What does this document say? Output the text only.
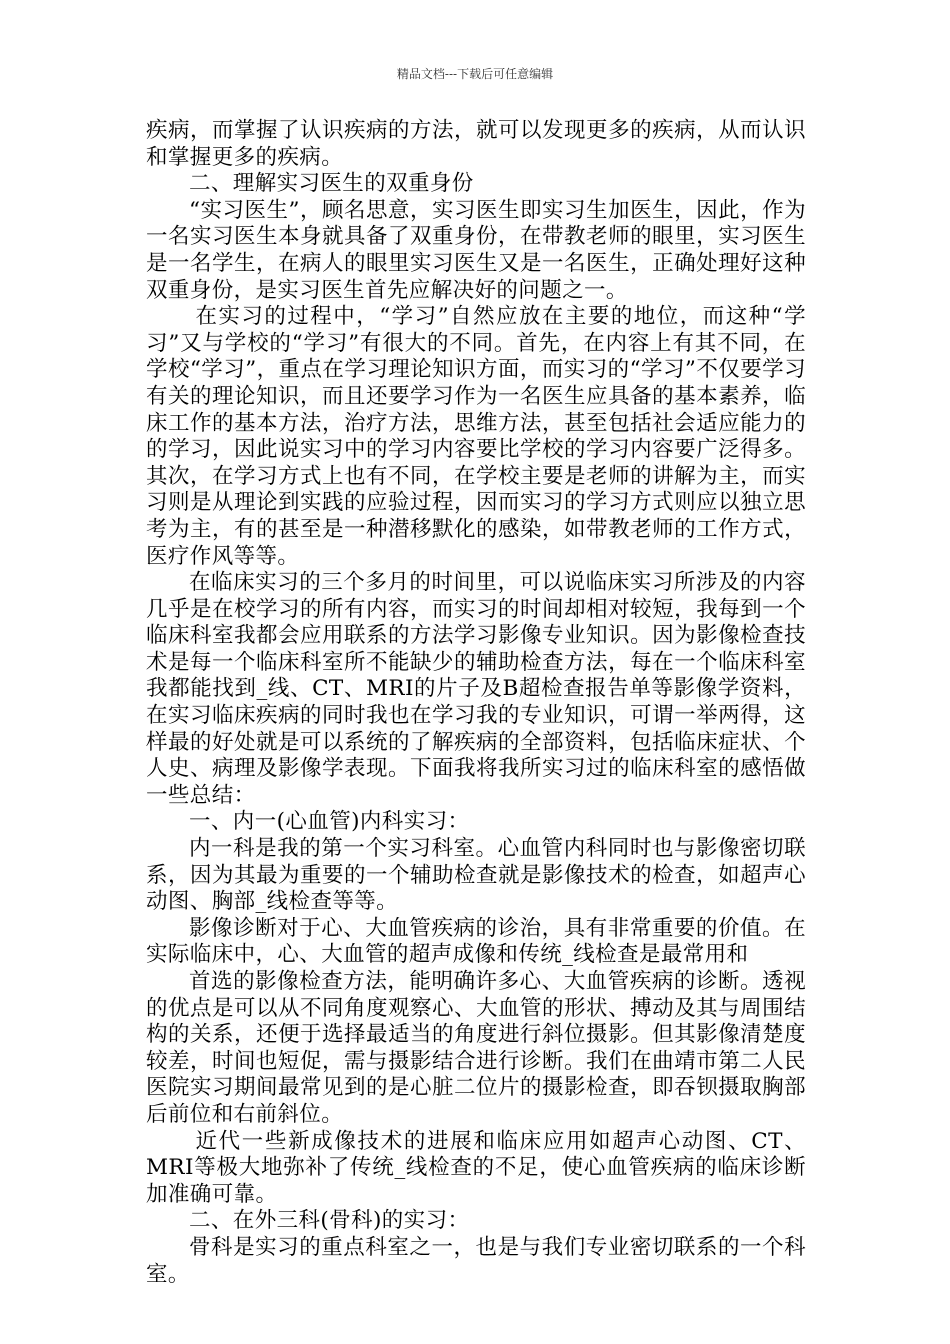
精品文档---下载后可任意编辑

疾病，而掌握了认识疾病的方法，就可以发现更多的疾病，从而认识和掌握更多的疾病。

二、理解实习医生的双重身份

“实习医生”，顾名思意，实习医生即实习生加医生，因此，作为一名实习医生本身就具备了双重身份，在带教老师的眼里，实习医生是一名学生，在病人的眼里实习医生又是一名医生，正确处理好这种双重身份，是实习医生首先应解决好的问题之一。

在实习的过程中，“学习”自然应放在主要的地位，而这种“学习”又与学校的“学习”有很大的不同。首先，在内容上有其不同，在学校“学习”，重点在学习理论知识方面，而实习的“学习”不仅要学习有关的理论知识，而且还要学习作为一名医生应具备的基本素养，临床工作的基本方法，治疗方法，思维方法，甚至包括社会适应能力的的学习，因此说实习中的学习内容要比学校的学习内容要广泛得多。其次，在学习方式上也有不同，在学校主要是老师的讲解为主，而实习则是从理论到实践的应验过程，因而实习的学习方式则应以独立思考为主，有的甚至是一种潜移默化的感染，如带教老师的工作方式，医疗作风等等。

在临床实习的三个多月的时间里，可以说临床实习所涉及的内容几乎是在校学习的所有内容，而实习的时间却相对较短，我每到一个临床科室我都会应用联系的方法学习影像专业知识。因为影像检查技术是每一个临床科室所不能缺少的辅助检查方法，每在一个临床科室我都能找到_线、CT、MRI的片子及B超检查报告单等影像学资料，在实习临床疾病的同时我也在学习我的专业知识，可谓一举两得，这样最的好处就是可以系统的了解疾病的全部资料，包括临床症状、个人史、病理及影像学表现。下面我将我所实习过的临床科室的感悟做一些总结：

一、内一(心血管)内科实习：

内一科是我的第一个实习科室。心血管内科同时也与影像密切联系，因为其最为重要的一个辅助检查就是影像技术的检查，如超声心动图、胸部_线检查等等。

影像诊断对于心、大血管疾病的诊治，具有非常重要的价值。在实际临床中，心、大血管的超声成像和传统_线检查是最常用和

首选的影像检查方法，能明确许多心、大血管疾病的诊断。透视的优点是可以从不同角度观察心、大血管的形状、搏动及其与周围结构的关系，还便于选择最适当的角度进行斜位摄影。但其影像清楚度较差，时间也短促，需与摄影结合进行诊断。我们在曲靖市第二人民医院实习期间最常见到的是心脏二位片的摄影检查，即吞钡摄取胸部后前位和右前斜位。

近代一些新成像技术的进展和临床应用如超声心动图、CT、MRI等极大地弥补了传统_线检查的不足，使心血管疾病的临床诊断加准确可靠。

二、在外三科(骨科)的实习：

骨科是实习的重点科室之一，也是与我们专业密切联系的一个科室。
